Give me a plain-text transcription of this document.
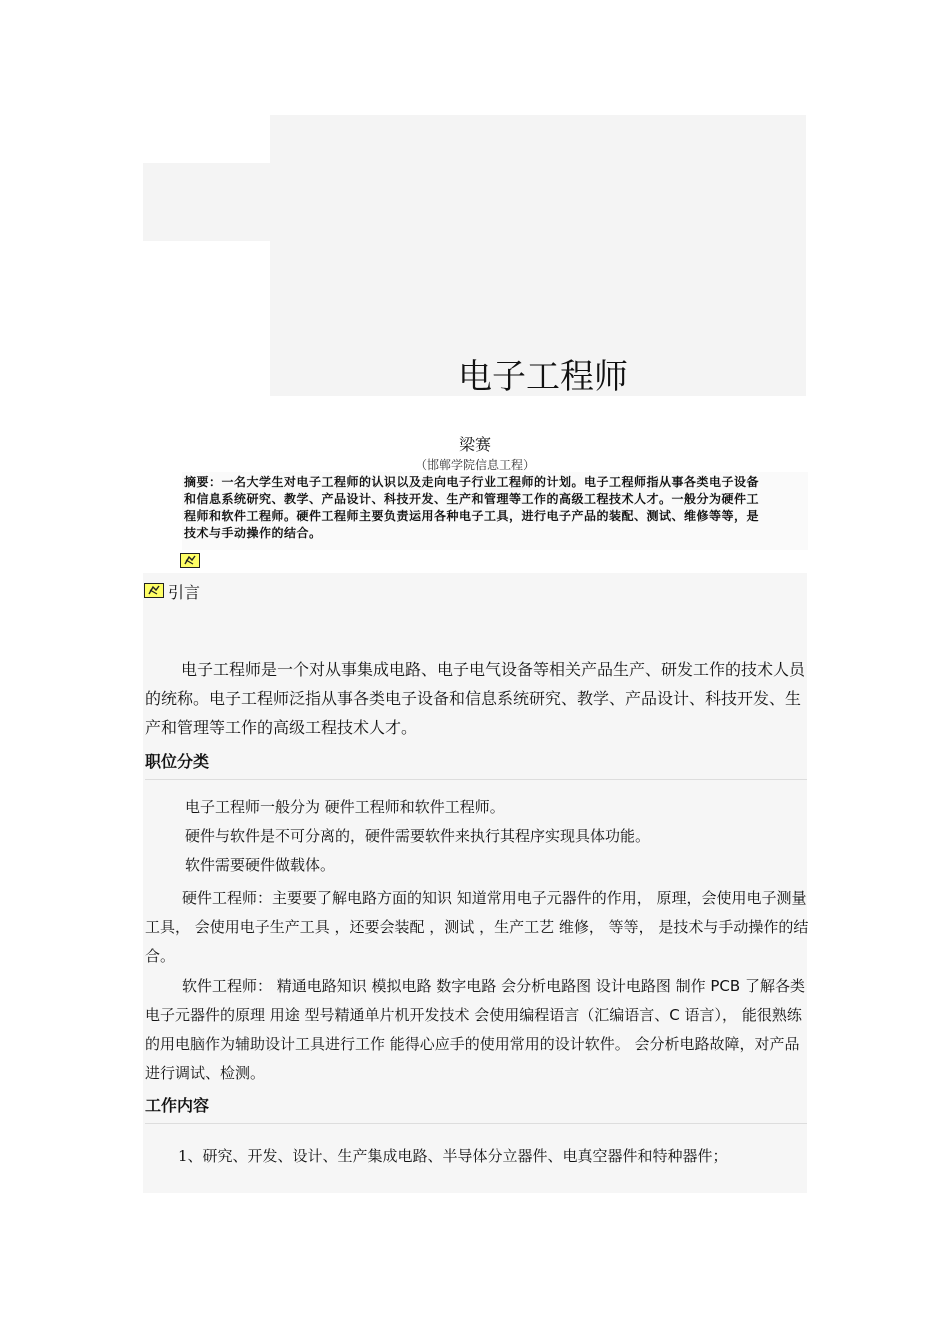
电子工程师
梁赛
（邯郸学院信息工程）
摘要：一名大学生对电子工程师的认识以及走向电子行业工程师的计划。电子工程师指从事各类电子设备和信息系统研究、教学、产品设计、科技开发、生产和管理等工作的高级工程技术人才。一般分为硬件工程师和软件工程师。硬件工程师主要负责运用各种电子工具，进行电子产品的装配、测试、维修等等，是技术与手动操作的结合。
引言
电子工程师是一个对从事集成电路、电子电气设备等相关产品生产、研发工作的技术人员的统称。电子工程师泛指从事各类电子设备和信息系统研究、教学、产品设计、科技开发、生产和管理等工作的高级工程技术人才。
职位分类
电子工程师一般分为 硬件工程师和软件工程师。
硬件与软件是不可分离的，硬件需要软件来执行其程序实现具体功能。
软件需要硬件做载体。
硬件工程师：主要要了解电路方面的知识 知道常用电子元器件的作用， 原理，会使用电子测量工具， 会使用电子生产工具 ，还要会装配 ，测试 ，生产工艺 维修， 等等， 是技术与手动操作的结合。
软件工程师： 精通电路知识 模拟电路 数字电路 会分析电路图 设计电路图 制作 PCB 了解各类电子元器件的原理 用途 型号精通单片机开发技术 会使用编程语言（汇编语言、C 语言）， 能很熟练的用电脑作为辅助设计工具进行工作 能得心应手的使用常用的设计软件。 会分析电路故障，对产品进行调试、检测。
工作内容
1、研究、开发、设计、生产集成电路、半导体分立器件、电真空器件和特种器件；
